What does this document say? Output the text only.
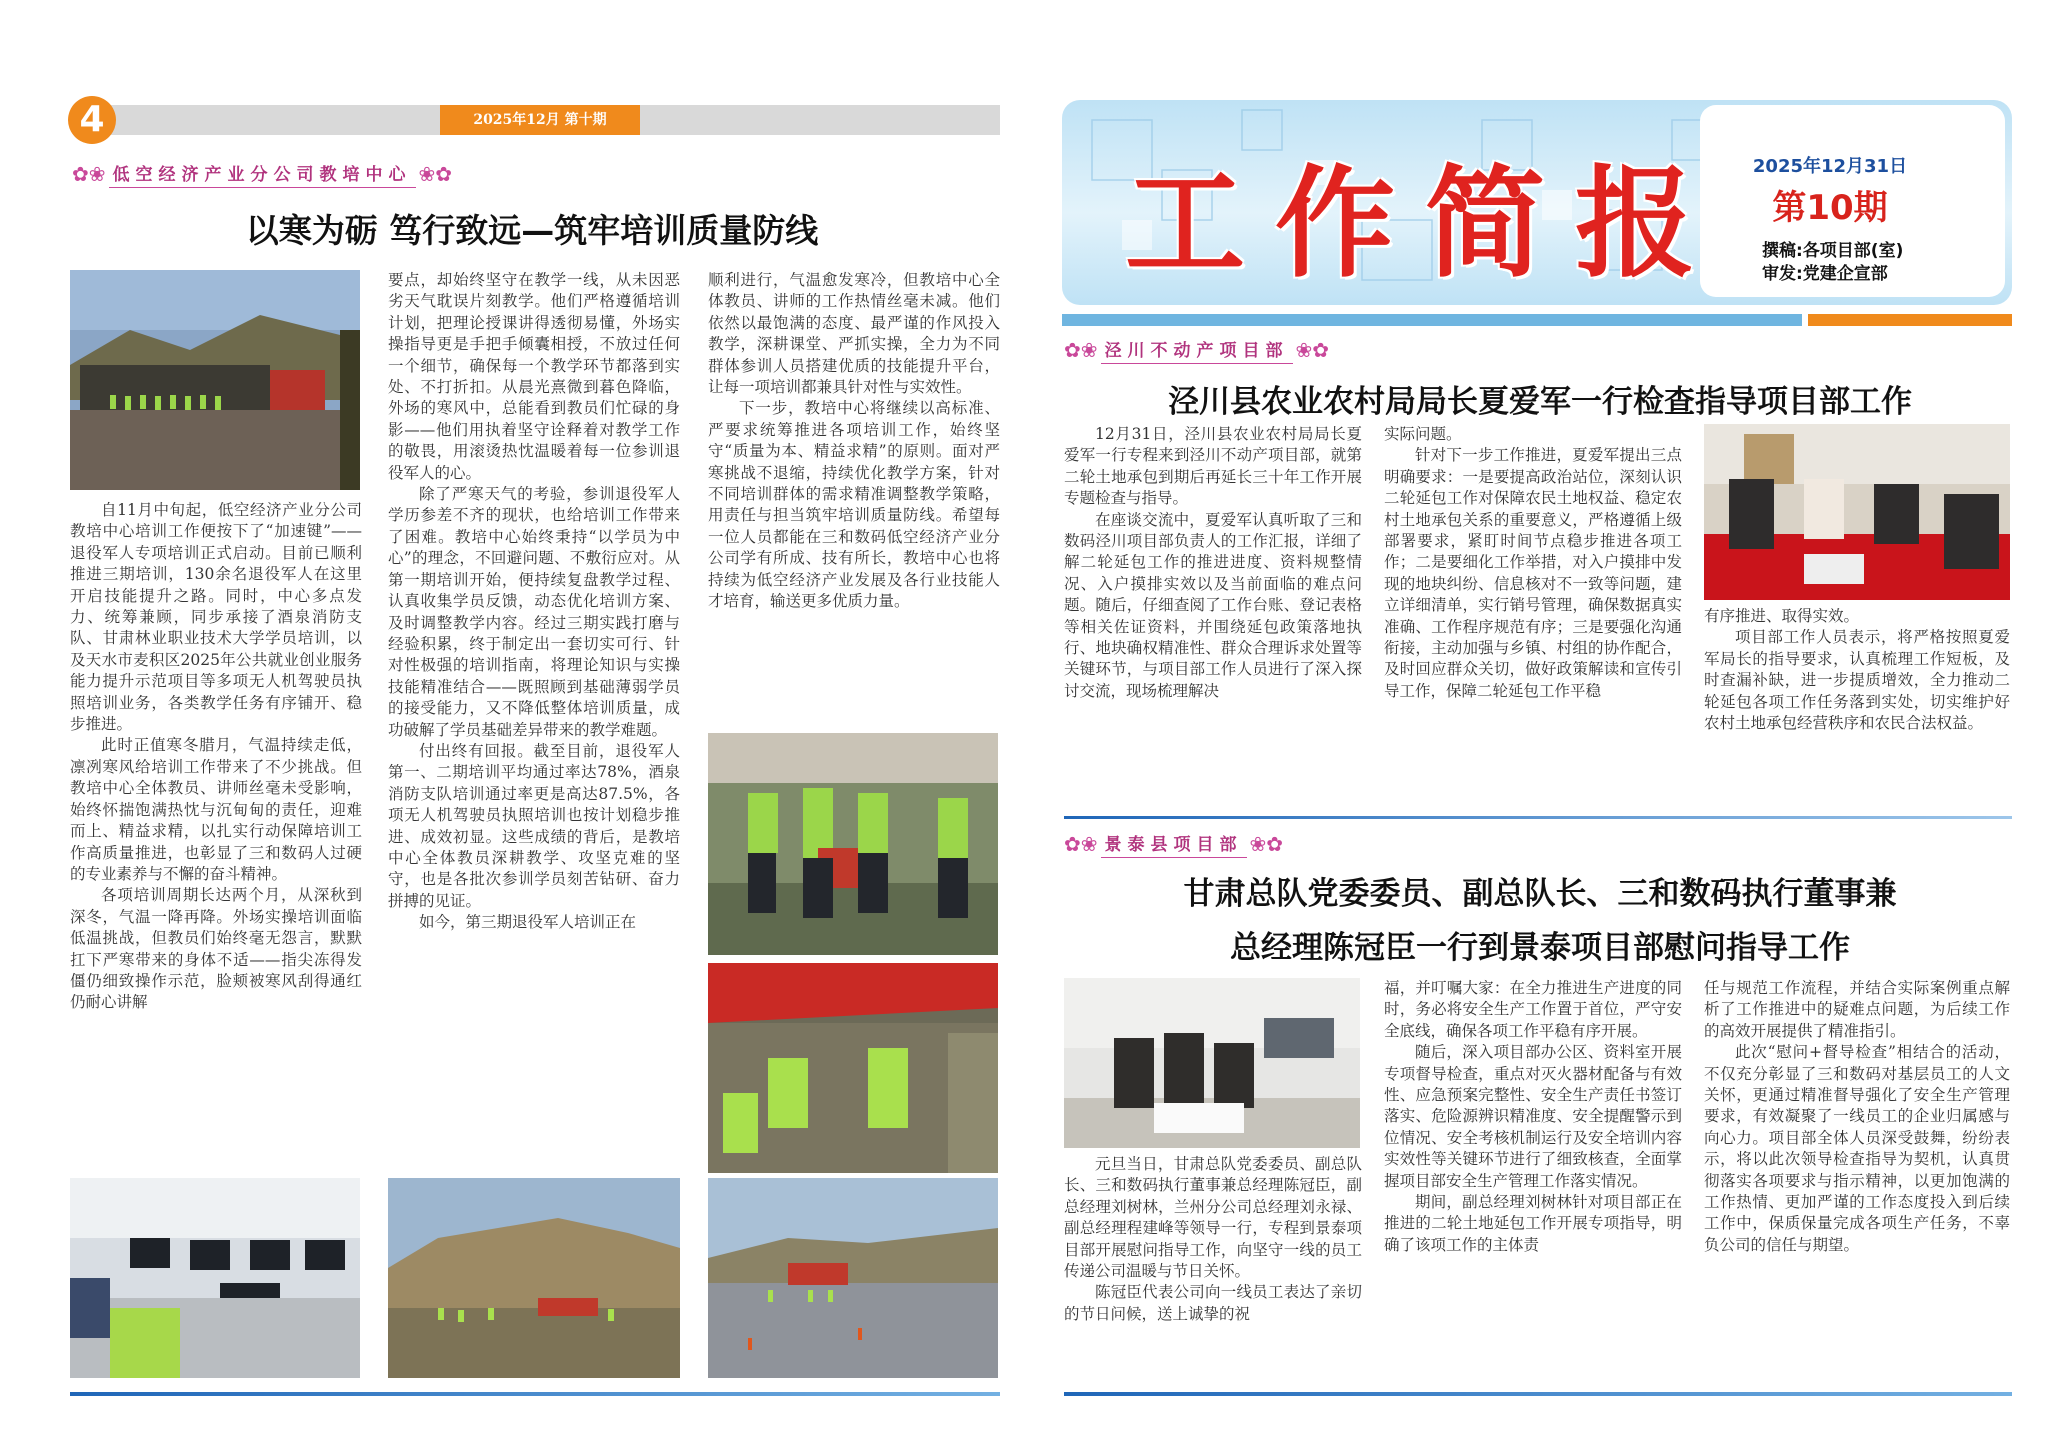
2025年12月 第十期
4
✿❀ 低空经济产业分公司教培中心 ❀✿
以寒为砺 笃行致远—筑牢培训质量防线

自11月中旬起，低空经济产业分公司教培中心培训工作便按下了“加速键”——退役军人专项培训正式启动。目前已顺利推进三期培训，130余名退役军人在这里开启技能提升之路。同时，中心多点发力、统筹兼顾，同步承接了酒泉消防支队、甘肃林业职业技术大学学员培训，以及天水市麦积区2025年公共就业创业服务能力提升示范项目等多项无人机驾驶员执照培训业务，各类教学任务有序铺开、稳步推进。

此时正值寒冬腊月，气温持续走低，凛冽寒风给培训工作带来了不少挑战。但教培中心全体教员、讲师丝毫未受影响，始终怀揣饱满热忱与沉甸甸的责任，迎难而上、精益求精，以扎实行动保障培训工作高质量推进，也彰显了三和数码人过硬的专业素养与不懈的奋斗精神。

各项培训周期长达两个月，从深秋到深冬，气温一降再降。外场实操培训面临低温挑战，但教员们始终毫无怨言，默默扛下严寒带来的身体不适——指尖冻得发僵仍细致操作示范，脸颊被寒风刮得通红仍耐心讲解

要点，却始终坚守在教学一线，从未因恶劣天气耽误片刻教学。他们严格遵循培训计划，把理论授课讲得透彻易懂，外场实操指导更是手把手倾囊相授，不放过任何一个细节，确保每一个教学环节都落到实处、不打折扣。从晨光熹微到暮色降临，外场的寒风中，总能看到教员们忙碌的身影——他们用执着坚守诠释着对教学工作的敬畏，用滚烫热忱温暖着每一位参训退役军人的心。

除了严寒天气的考验，参训退役军人学历参差不齐的现状，也给培训工作带来了困难。教培中心始终秉持“以学员为中心”的理念，不回避问题、不敷衍应对。从第一期培训开始，便持续复盘教学过程、认真收集学员反馈，动态优化培训方案、及时调整教学内容。经过三期实践打磨与经验积累，终于制定出一套切实可行、针对性极强的培训指南，将理论知识与实操技能精准结合——既照顾到基础薄弱学员的接受能力，又不降低整体培训质量，成功破解了学员基础差异带来的教学难题。

付出终有回报。截至目前，退役军人第一、二期培训平均通过率达78%，酒泉消防支队培训通过率更是高达87.5%，各项无人机驾驶员执照培训也按计划稳步推进、成效初显。这些成绩的背后，是教培中心全体教员深耕教学、攻坚克难的坚守，也是各批次参训学员刻苦钻研、奋力拼搏的见证。

如今，第三期退役军人培训正在

顺利进行，气温愈发寒冷，但教培中心全体教员、讲师的工作热情丝毫未减。他们依然以最饱满的态度、最严谨的作风投入教学，深耕课堂、严抓实操，全力为不同群体参训人员搭建优质的技能提升平台，让每一项培训都兼具针对性与实效性。

下一步，教培中心将继续以高标准、严要求统筹推进各项培训工作，始终坚守“质量为本、精益求精”的原则。面对严寒挑战不退缩，持续优化教学方案，针对不同培训群体的需求精准调整教学策略，用责任与担当筑牢培训质量防线。希望每一位人员都能在三和数码低空经济产业分公司学有所成、技有所长，教培中心也将持续为低空经济产业发展及各行业技能人才培育，输送更多优质力量。

工作简报	2025年12月31日
第10期
撰稿:各项目部(室)
审发:党建企宣部
✿❀ 泾川不动产项目部 ❀✿
泾川县农业农村局局长夏爱军一行检查指导项目部工作

12月31日，泾川县农业农村局局长夏爱军一行专程来到泾川不动产项目部，就第二轮土地承包到期后再延长三十年工作开展专题检查与指导。

在座谈交流中，夏爱军认真听取了三和数码泾川项目部负责人的工作汇报，详细了解二轮延包工作的推进进度、资料规整情况、入户摸排实效以及当前面临的难点问题。随后，仔细查阅了工作台账、登记表格等相关佐证资料，并围绕延包政策落地执行、地块确权精准性、群众合理诉求处置等关键环节，与项目部工作人员进行了深入探讨交流，现场梳理解决

实际问题。

针对下一步工作推进，夏爱军提出三点明确要求：一是要提高政治站位，深刻认识二轮延包工作对保障农民土地权益、稳定农村土地承包关系的重要意义，严格遵循上级部署要求，紧盯时间节点稳步推进各项工作；二是要细化工作举措，对入户摸排中发现的地块纠纷、信息核对不一致等问题，建立详细清单，实行销号管理，确保数据真实准确、工作程序规范有序；三是要强化沟通衔接，主动加强与乡镇、村组的协作配合，及时回应群众关切，做好政策解读和宣传引导工作，保障二轮延包工作平稳

有序推进、取得实效。

项目部工作人员表示，将严格按照夏爱军局长的指导要求，认真梳理工作短板，及时查漏补缺，进一步提质增效，全力推动二轮延包各项工作任务落到实处，切实维护好农村土地承包经营秩序和农民合法权益。

✿❀ 景泰县项目部 ❀✿
甘肃总队党委委员、副总队长、三和数码执行董事兼
总经理陈冠臣一行到景泰项目部慰问指导工作

元旦当日，甘肃总队党委委员、副总队长、三和数码执行董事兼总经理陈冠臣，副总经理刘树林，兰州分公司总经理刘永禄、副总经理程建峰等领导一行，专程到景泰项目部开展慰问指导工作，向坚守一线的员工传递公司温暖与节日关怀。

陈冠臣代表公司向一线员工表达了亲切的节日问候，送上诚挚的祝

福，并叮嘱大家：在全力推进生产进度的同时，务必将安全生产工作置于首位，严守安全底线，确保各项工作平稳有序开展。

随后，深入项目部办公区、资料室开展专项督导检查，重点对灭火器材配备与有效性、应急预案完整性、安全生产责任书签订落实、危险源辨识精准度、安全提醒警示到位情况、安全考核机制运行及安全培训内容实效性等关键环节进行了细致核查，全面掌握项目部安全生产管理工作落实情况。

期间，副总经理刘树林针对项目部正在推进的二轮土地延包工作开展专项指导，明确了该项工作的主体责

任与规范工作流程，并结合实际案例重点解析了工作推进中的疑难点问题，为后续工作的高效开展提供了精准指引。

此次“慰问+督导检查”相结合的活动，不仅充分彰显了三和数码对基层员工的人文关怀，更通过精准督导强化了安全生产管理要求，有效凝聚了一线员工的企业归属感与向心力。项目部全体人员深受鼓舞，纷纷表示，将以此次领导检查指导为契机，认真贯彻落实各项要求与指示精神，以更加饱满的工作热情、更加严谨的工作态度投入到后续工作中，保质保量完成各项生产任务，不辜负公司的信任与期望。
